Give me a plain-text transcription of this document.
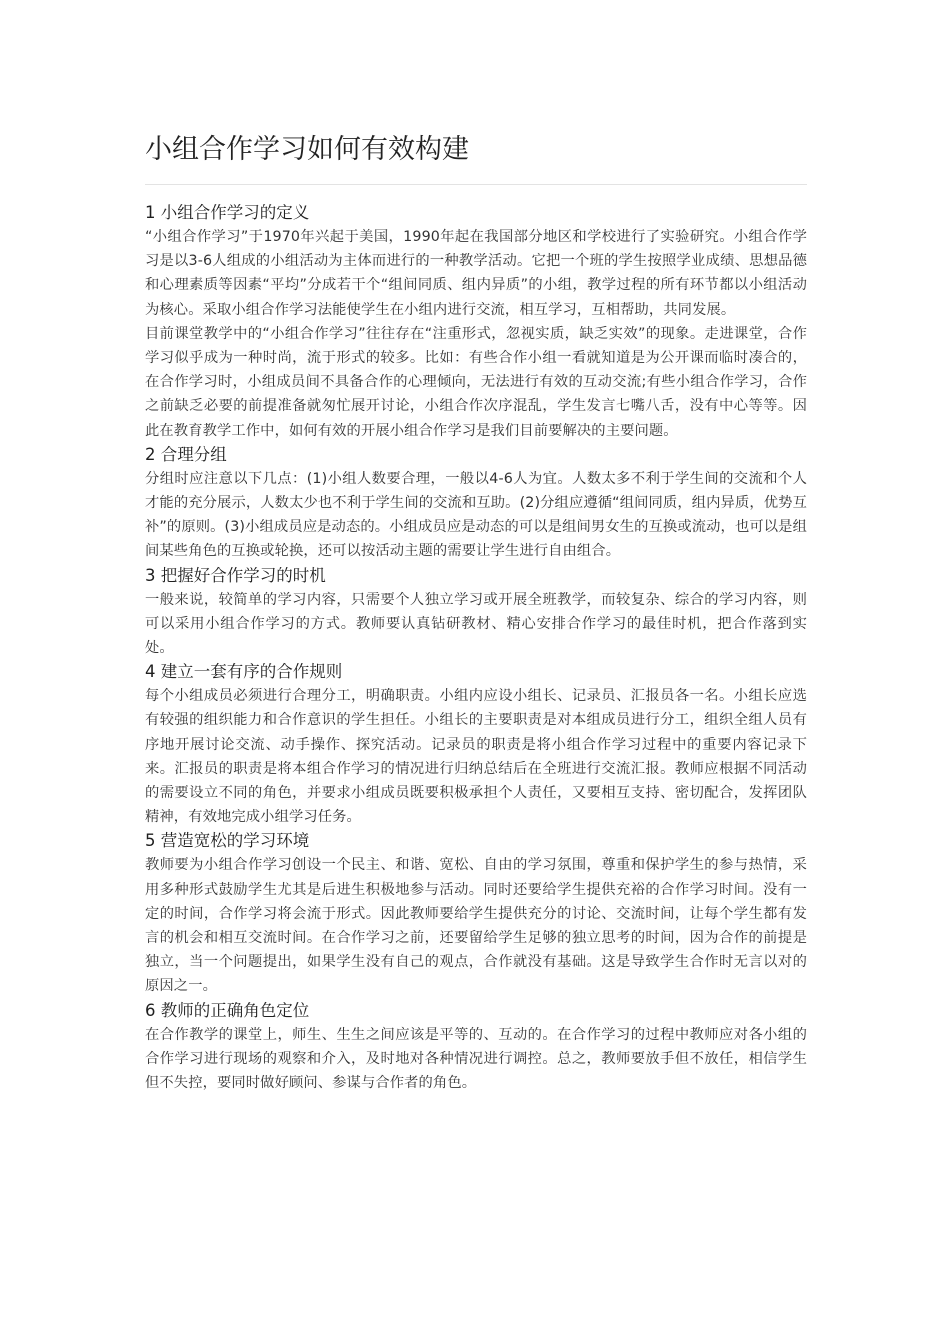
小组合作学习如何有效构建
1 小组合作学习的定义

“小组合作学习”于1970年兴起于美国，1990年起在我国部分地区和学校进行了实验研究。小组合作学习是以3-6人组成的小组活动为主体而进行的一种教学活动。它把一个班的学生按照学业成绩、思想品德和心理素质等因素“平均”分成若干个“组间同质、组内异质”的小组，教学过程的所有环节都以小组活动为核心。采取小组合作学习法能使学生在小组内进行交流，相互学习，互相帮助，共同发展。

目前课堂教学中的“小组合作学习”往往存在“注重形式，忽视实质，缺乏实效”的现象。走进课堂，合作学习似乎成为一种时尚，流于形式的较多。比如：有些合作小组一看就知道是为公开课而临时凑合的，在合作学习时，小组成员间不具备合作的心理倾向，无法进行有效的互动交流;有些小组合作学习，合作之前缺乏必要的前提准备就匆忙展开讨论，小组合作次序混乱，学生发言七嘴八舌，没有中心等等。因此在教育教学工作中，如何有效的开展小组合作学习是我们目前要解决的主要问题。

2 合理分组

分组时应注意以下几点：(1)小组人数要合理，一般以4-6人为宜。人数太多不利于学生间的交流和个人才能的充分展示，人数太少也不利于学生间的交流和互助。(2)分组应遵循“组间同质，组内异质，优势互补”的原则。(3)小组成员应是动态的。小组成员应是动态的可以是组间男女生的互换或流动，也可以是组间某些角色的互换或轮换，还可以按活动主题的需要让学生进行自由组合。

3 把握好合作学习的时机

一般来说，较简单的学习内容，只需要个人独立学习或开展全班教学，而较复杂、综合的学习内容，则可以采用小组合作学习的方式。教师要认真钻研教材、精心安排合作学习的最佳时机，把合作落到实处。

4 建立一套有序的合作规则

每个小组成员必须进行合理分工，明确职责。小组内应设小组长、记录员、汇报员各一名。小组长应选有较强的组织能力和合作意识的学生担任。小组长的主要职责是对本组成员进行分工，组织全组人员有序地开展讨论交流、动手操作、探究活动。记录员的职责是将小组合作学习过程中的重要内容记录下来。汇报员的职责是将本组合作学习的情况进行归纳总结后在全班进行交流汇报。教师应根据不同活动的需要设立不同的角色，并要求小组成员既要积极承担个人责任，又要相互支持、密切配合，发挥团队精神，有效地完成小组学习任务。

5 营造宽松的学习环境

教师要为小组合作学习创设一个民主、和谐、宽松、自由的学习氛围，尊重和保护学生的参与热情，采用多种形式鼓励学生尤其是后进生积极地参与活动。同时还要给学生提供充裕的合作学习时间。没有一定的时间，合作学习将会流于形式。因此教师要给学生提供充分的讨论、交流时间，让每个学生都有发言的机会和相互交流时间。在合作学习之前，还要留给学生足够的独立思考的时间，因为合作的前提是独立，当一个问题提出，如果学生没有自己的观点，合作就没有基础。这是导致学生合作时无言以对的原因之一。

6 教师的正确角色定位

在合作教学的课堂上，师生、生生之间应该是平等的、互动的。在合作学习的过程中教师应对各小组的合作学习进行现场的观察和介入，及时地对各种情况进行调控。总之，教师要放手但不放任，相信学生但不失控，要同时做好顾问、参谋与合作者的角色。
